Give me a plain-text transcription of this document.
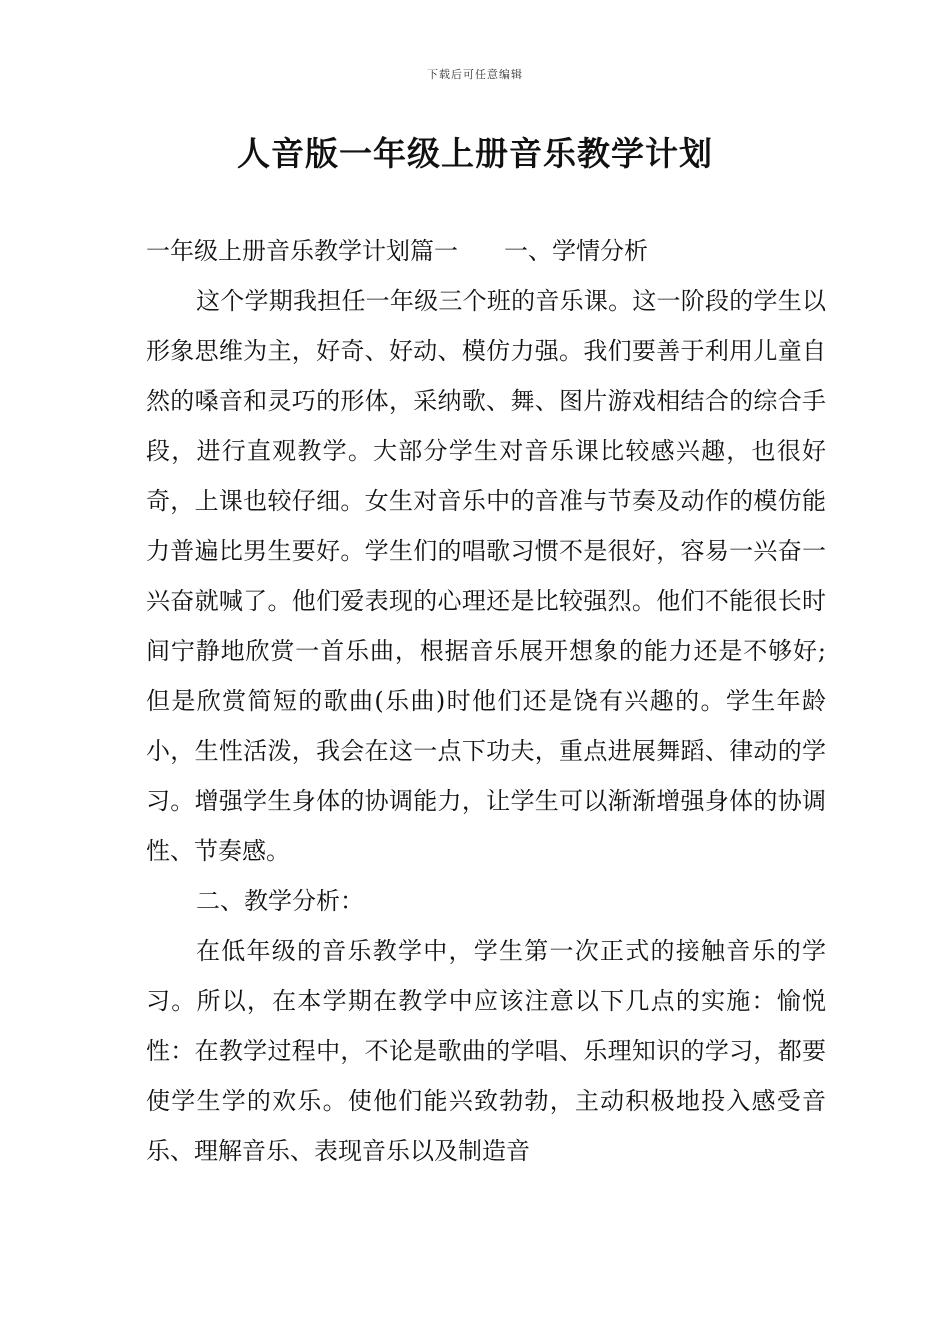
下载后可任意编辑
人音版一年级上册音乐教学计划
一年级上册音乐教学计划篇一 一、学情分析

这个学期我担任一年级三个班的音乐课。这一阶段的学生以形象思维为主，好奇、好动、模仿力强。我们要善于利用儿童自然的嗓音和灵巧的形体，采纳歌、舞、图片游戏相结合的综合手段，进行直观教学。大部分学生对音乐课比较感兴趣，也很好奇，上课也较仔细。女生对音乐中的音准与节奏及动作的模仿能力普遍比男生要好。学生们的唱歌习惯不是很好，容易一兴奋一兴奋就喊了。他们爱表现的心理还是比较强烈。他们不能很长时间宁静地欣赏一首乐曲，根据音乐展开想象的能力还是不够好;但是欣赏简短的歌曲(乐曲)时他们还是饶有兴趣的。学生年龄小，生性活泼，我会在这一点下功夫，重点进展舞蹈、律动的学习。增强学生身体的协调能力，让学生可以渐渐增强身体的协调性、节奏感。

二、教学分析：

在低年级的音乐教学中，学生第一次正式的接触音乐的学习。所以，在本学期在教学中应该注意以下几点的实施：愉悦性：在教学过程中，不论是歌曲的学唱、乐理知识的学习，都要使学生学的欢乐。使他们能兴致勃勃，主动积极地投入感受音乐、理解音乐、表现音乐以及制造音
